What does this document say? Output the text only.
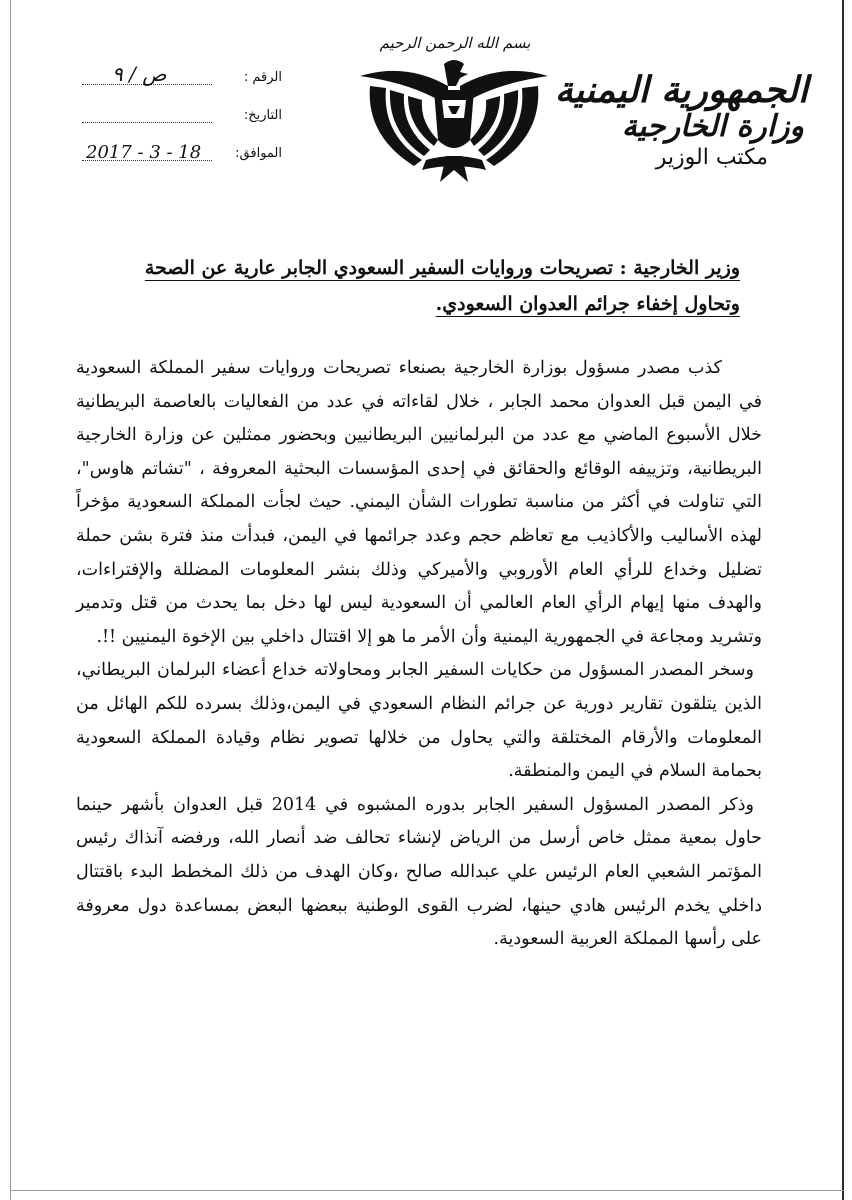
الجمهورية اليمنية
وزارة الخارجية
مكتب الوزير
بسم الله الرحمن الرحيم
الرقم :
ص / ٩
التاريخ:
الموافق:
2017 - 3 - 18
وزير الخارجية : تصريحات وروايات السفير السعودي الجابر عارية عن الصحة
وتحاول إخفاء جرائم العدوان السعودي.

كذب مصدر مسؤول بوزارة الخارجية بصنعاء تصريحات وروايات سفير المملكة السعودية في اليمن قبل العدوان محمد الجابر ، خلال لقاءاته في عدد من الفعاليات بالعاصمة البريطانية خلال الأسبوع الماضي مع عدد من البرلمانيين البريطانيين وبحضور ممثلين عن وزارة الخارجية البريطانية، وتزييفه الوقائع والحقائق في إحدى المؤسسات البحثية المعروفة ، "تشاتم هاوس"، التي تناولت في أكثر من مناسبة تطورات الشأن اليمني. حيث لجأت المملكة السعودية مؤخراً لهذه الأساليب والأكاذيب مع تعاظم حجم وعدد جرائمها في اليمن، فبدأت منذ فترة بشن حملة تضليل وخداع للرأي العام الأوروبي والأميركي وذلك بنشر المعلومات المضللة والإفتراءات، والهدف منها إيهام الرأي العام العالمي أن السعودية ليس لها دخل بما يحدث من قتل وتدمير وتشريد ومجاعة في الجمهورية اليمنية وأن الأمر ما هو إلا اقتتال داخلي بين الإخوة اليمنيين !!.

وسخر المصدر المسؤول من حكايات السفير الجابر ومحاولاته خداع أعضاء البرلمان البريطاني، الذين يتلقون تقارير دورية عن جرائم النظام السعودي في اليمن،وذلك بسرده للكم الهائل من المعلومات والأرقام المختلقة والتي يحاول من خلالها تصوير نظام وقيادة المملكة السعودية بحمامة السلام في اليمن والمنطقة.

وذكر المصدر المسؤول السفير الجابر بدوره المشبوه في 2014 قبل العدوان بأشهر حينما حاول بمعية ممثل خاص أرسل من الرياض لإنشاء تحالف ضد أنصار الله، ورفضه آنذاك رئيس المؤتمر الشعبي العام الرئيس علي عبدالله صالح ،وكان الهدف من ذلك المخطط البدء باقتتال داخلي يخدم الرئيس هادي حينها، لضرب القوى الوطنية ببعضها البعض بمساعدة دول معروفة على رأسها المملكة العربية السعودية.
